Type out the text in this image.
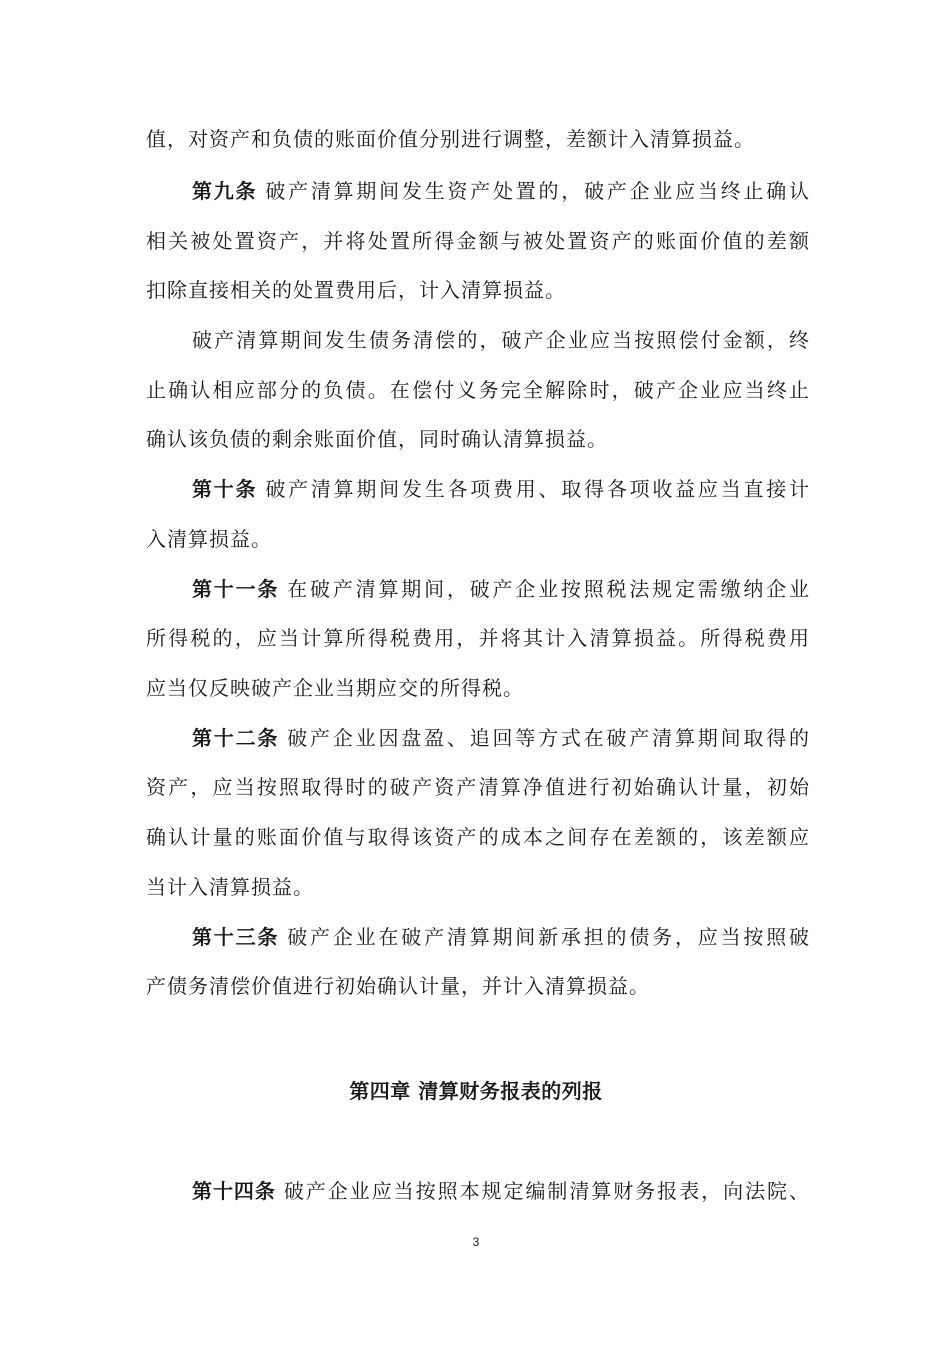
值，对资产和负债的账面价值分别进行调整，差额计入清算损益。
第九条 破产清算期间发生资产处置的，破产企业应当终止确认
相关被处置资产，并将处置所得金额与被处置资产的账面价值的差额
扣除直接相关的处置费用后，计入清算损益。
破产清算期间发生债务清偿的，破产企业应当按照偿付金额，终
止确认相应部分的负债。在偿付义务完全解除时，破产企业应当终止
确认该负债的剩余账面价值，同时确认清算损益。
第十条 破产清算期间发生各项费用、取得各项收益应当直接计
入清算损益。
第十一条 在破产清算期间，破产企业按照税法规定需缴纳企业
所得税的，应当计算所得税费用，并将其计入清算损益。所得税费用
应当仅反映破产企业当期应交的所得税。
第十二条 破产企业因盘盈、追回等方式在破产清算期间取得的
资产，应当按照取得时的破产资产清算净值进行初始确认计量，初始
确认计量的账面价值与取得该资产的成本之间存在差额的，该差额应
当计入清算损益。
第十三条 破产企业在破产清算期间新承担的债务，应当按照破
产债务清偿价值进行初始确认计量，并计入清算损益。
第四章 清算财务报表的列报
第十四条 破产企业应当按照本规定编制清算财务报表，向法院、
3
